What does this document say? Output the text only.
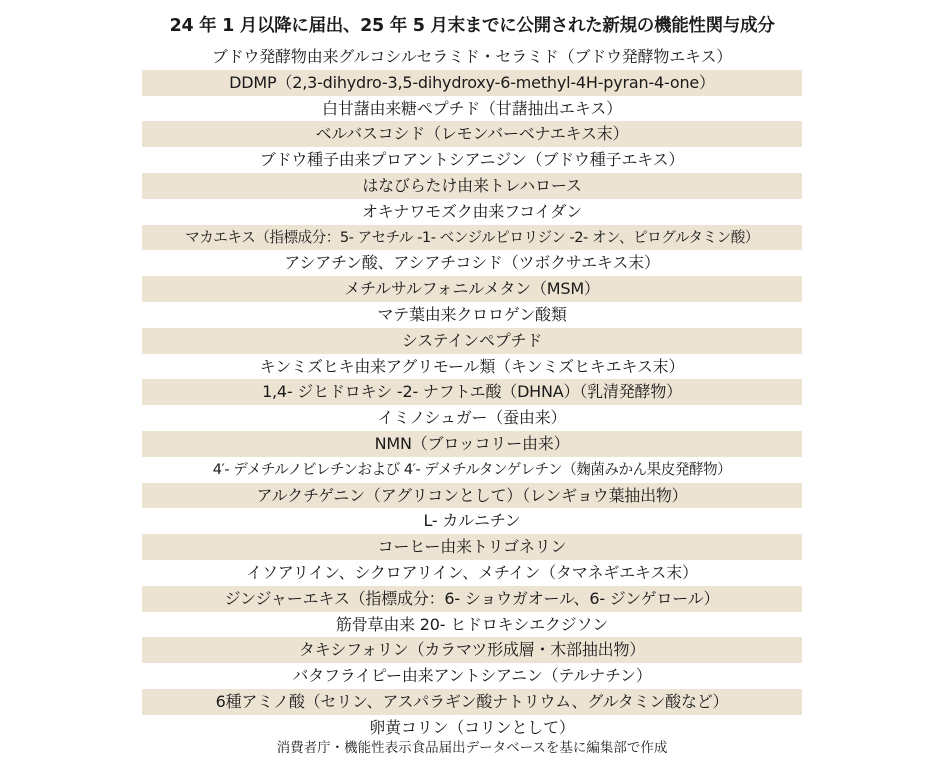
24 年 1 月以降に届出、25 年 5 月末までに公開された新規の機能性関与成分
ブドウ発酵物由来グルコシルセラミド・セラミド（ブドウ発酵物エキス）
DDMP（2,3-dihydro-3,5-dihydroxy-6-methyl-4H-pyran-4-one）
白甘藷由来糖ペプチド（甘藷抽出エキス）
ベルバスコシド（レモンバーベナエキス末）
ブドウ種子由来プロアントシアニジン（ブドウ種子エキス）
はなびらたけ由来トレハロース
オキナワモズク由来フコイダン
マカエキス（指標成分：5- アセチル -1- ベンジルピロリジン -2- オン、ピログルタミン酸）
アシアチン酸、アシアチコシド（ツボクサエキス末）
メチルサルフォニルメタン（MSM）
マテ葉由来クロロゲン酸類
システインペプチド
キンミズヒキ由来アグリモール類（キンミズヒキエキス末）
1,4- ジヒドロキシ -2- ナフトエ酸（DHNA）（乳清発酵物）
イミノシュガー（蚕由来）
NMN（ブロッコリー由来）
4′- デメチルノビレチンおよび 4′- デメチルタンゲレチン（麹菌みかん果皮発酵物）
アルクチゲニン（アグリコンとして）（レンギョウ葉抽出物）
L- カルニチン
コーヒー由来トリゴネリン
イソアリイン、シクロアリイン、メチイン（タマネギエキス末）
ジンジャーエキス（指標成分：6- ショウガオール、6- ジンゲロール）
筋骨草由来 20- ヒドロキシエクジソン
タキシフォリン（カラマツ形成層・木部抽出物）
バタフライピー由来アントシアニン（テルナチン）
6種アミノ酸（セリン、アスパラギン酸ナトリウム、グルタミン酸など）
卵黄コリン（コリンとして）
消費者庁・機能性表示食品届出データベースを基に編集部で作成
